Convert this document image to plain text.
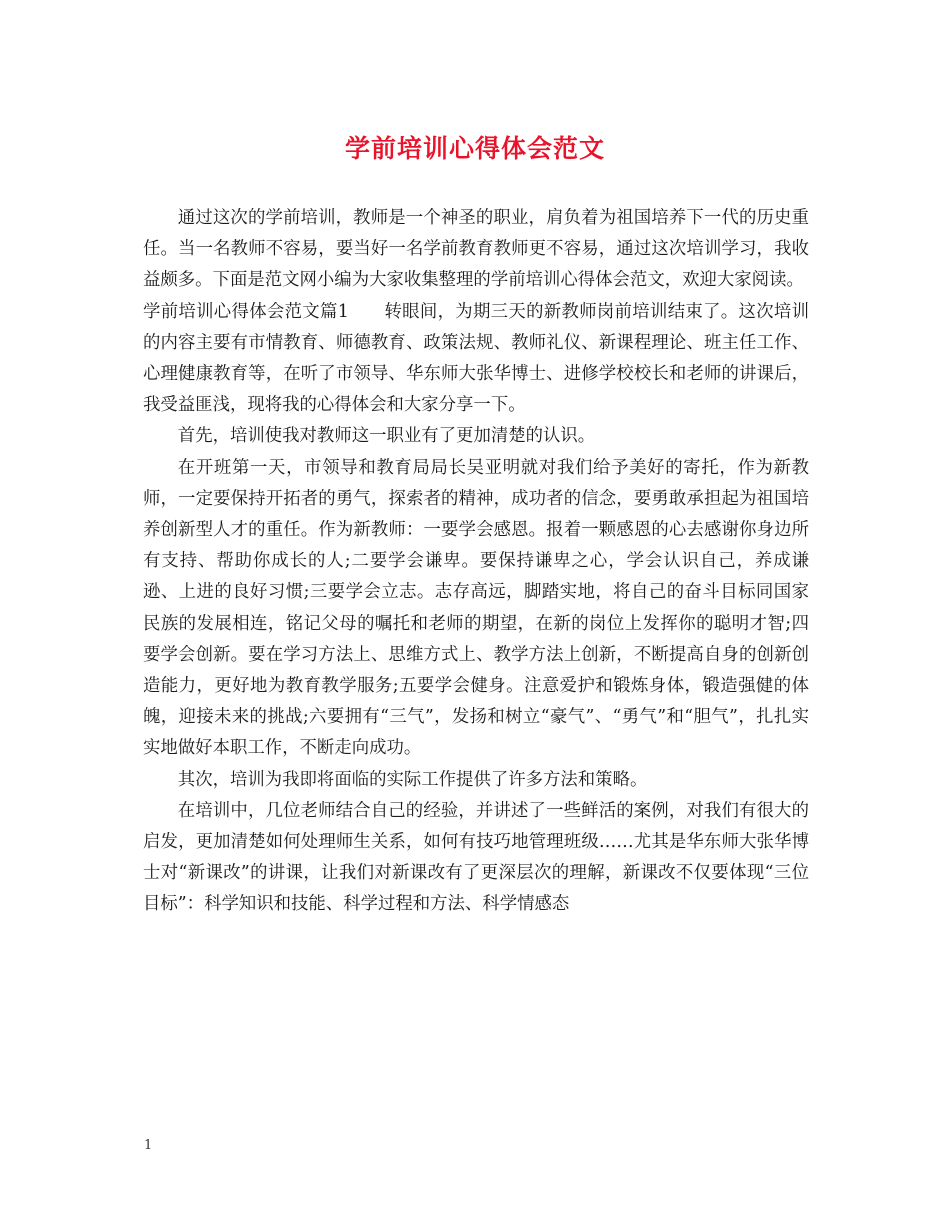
学前培训心得体会范文

通过这次的学前培训，教师是一个神圣的职业，肩负着为祖国培养下一代的历史重任。当一名教师不容易，要当好一名学前教育教师更不容易，通过这次培训学习，我收益颇多。下面是范文网小编为大家收集整理的学前培训心得体会范文，欢迎大家阅读。

学前培训心得体会范文篇1　　转眼间，为期三天的新教师岗前培训结束了。这次培训的内容主要有市情教育、师德教育、政策法规、教师礼仪、新课程理论、班主任工作、心理健康教育等，在听了市领导、华东师大张华博士、进修学校校长和老师的讲课后，我受益匪浅，现将我的心得体会和大家分享一下。

首先，培训使我对教师这一职业有了更加清楚的认识。

在开班第一天，市领导和教育局局长吴亚明就对我们给予美好的寄托，作为新教师，一定要保持开拓者的勇气，探索者的精神，成功者的信念，要勇敢承担起为祖国培养创新型人才的重任。作为新教师：一要学会感恩。报着一颗感恩的心去感谢你身边所有支持、帮助你成长的人;二要学会谦卑。要保持谦卑之心，学会认识自己，养成谦逊、上进的良好习惯;三要学会立志。志存高远，脚踏实地，将自己的奋斗目标同国家民族的发展相连，铭记父母的嘱托和老师的期望，在新的岗位上发挥你的聪明才智;四要学会创新。要在学习方法上、思维方式上、教学方法上创新，不断提高自身的创新创造能力，更好地为教育教学服务;五要学会健身。注意爱护和锻炼身体，锻造强健的体魄，迎接未来的挑战;六要拥有“三气”，发扬和树立“豪气”、“勇气”和“胆气”，扎扎实实地做好本职工作，不断走向成功。

其次，培训为我即将面临的实际工作提供了许多方法和策略。

在培训中，几位老师结合自己的经验，并讲述了一些鲜活的案例，对我们有很大的启发，更加清楚如何处理师生关系，如何有技巧地管理班级……尤其是华东师大张华博士对“新课改”的讲课，让我们对新课改有了更深层次的理解，新课改不仅要体现“三位目标”：科学知识和技能、科学过程和方法、科学情感态

1
